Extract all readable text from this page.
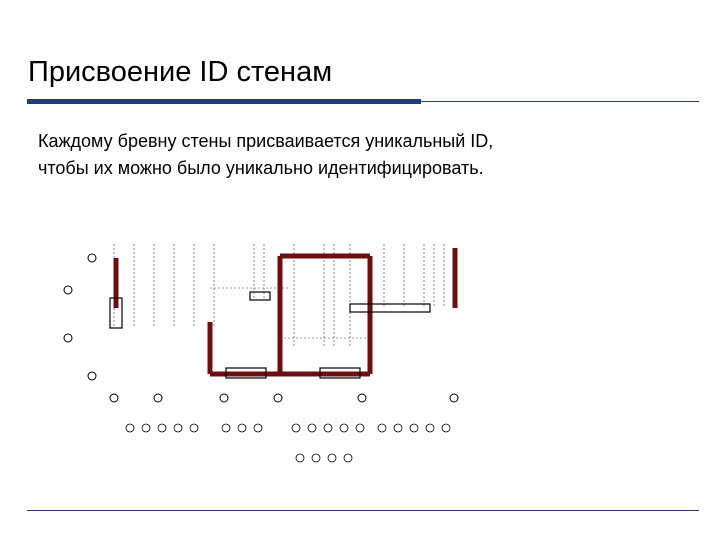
Присвоение ID стенам
Каждому бревну стены присваивается уникальный ID,
чтобы их можно было уникально идентифицировать.
